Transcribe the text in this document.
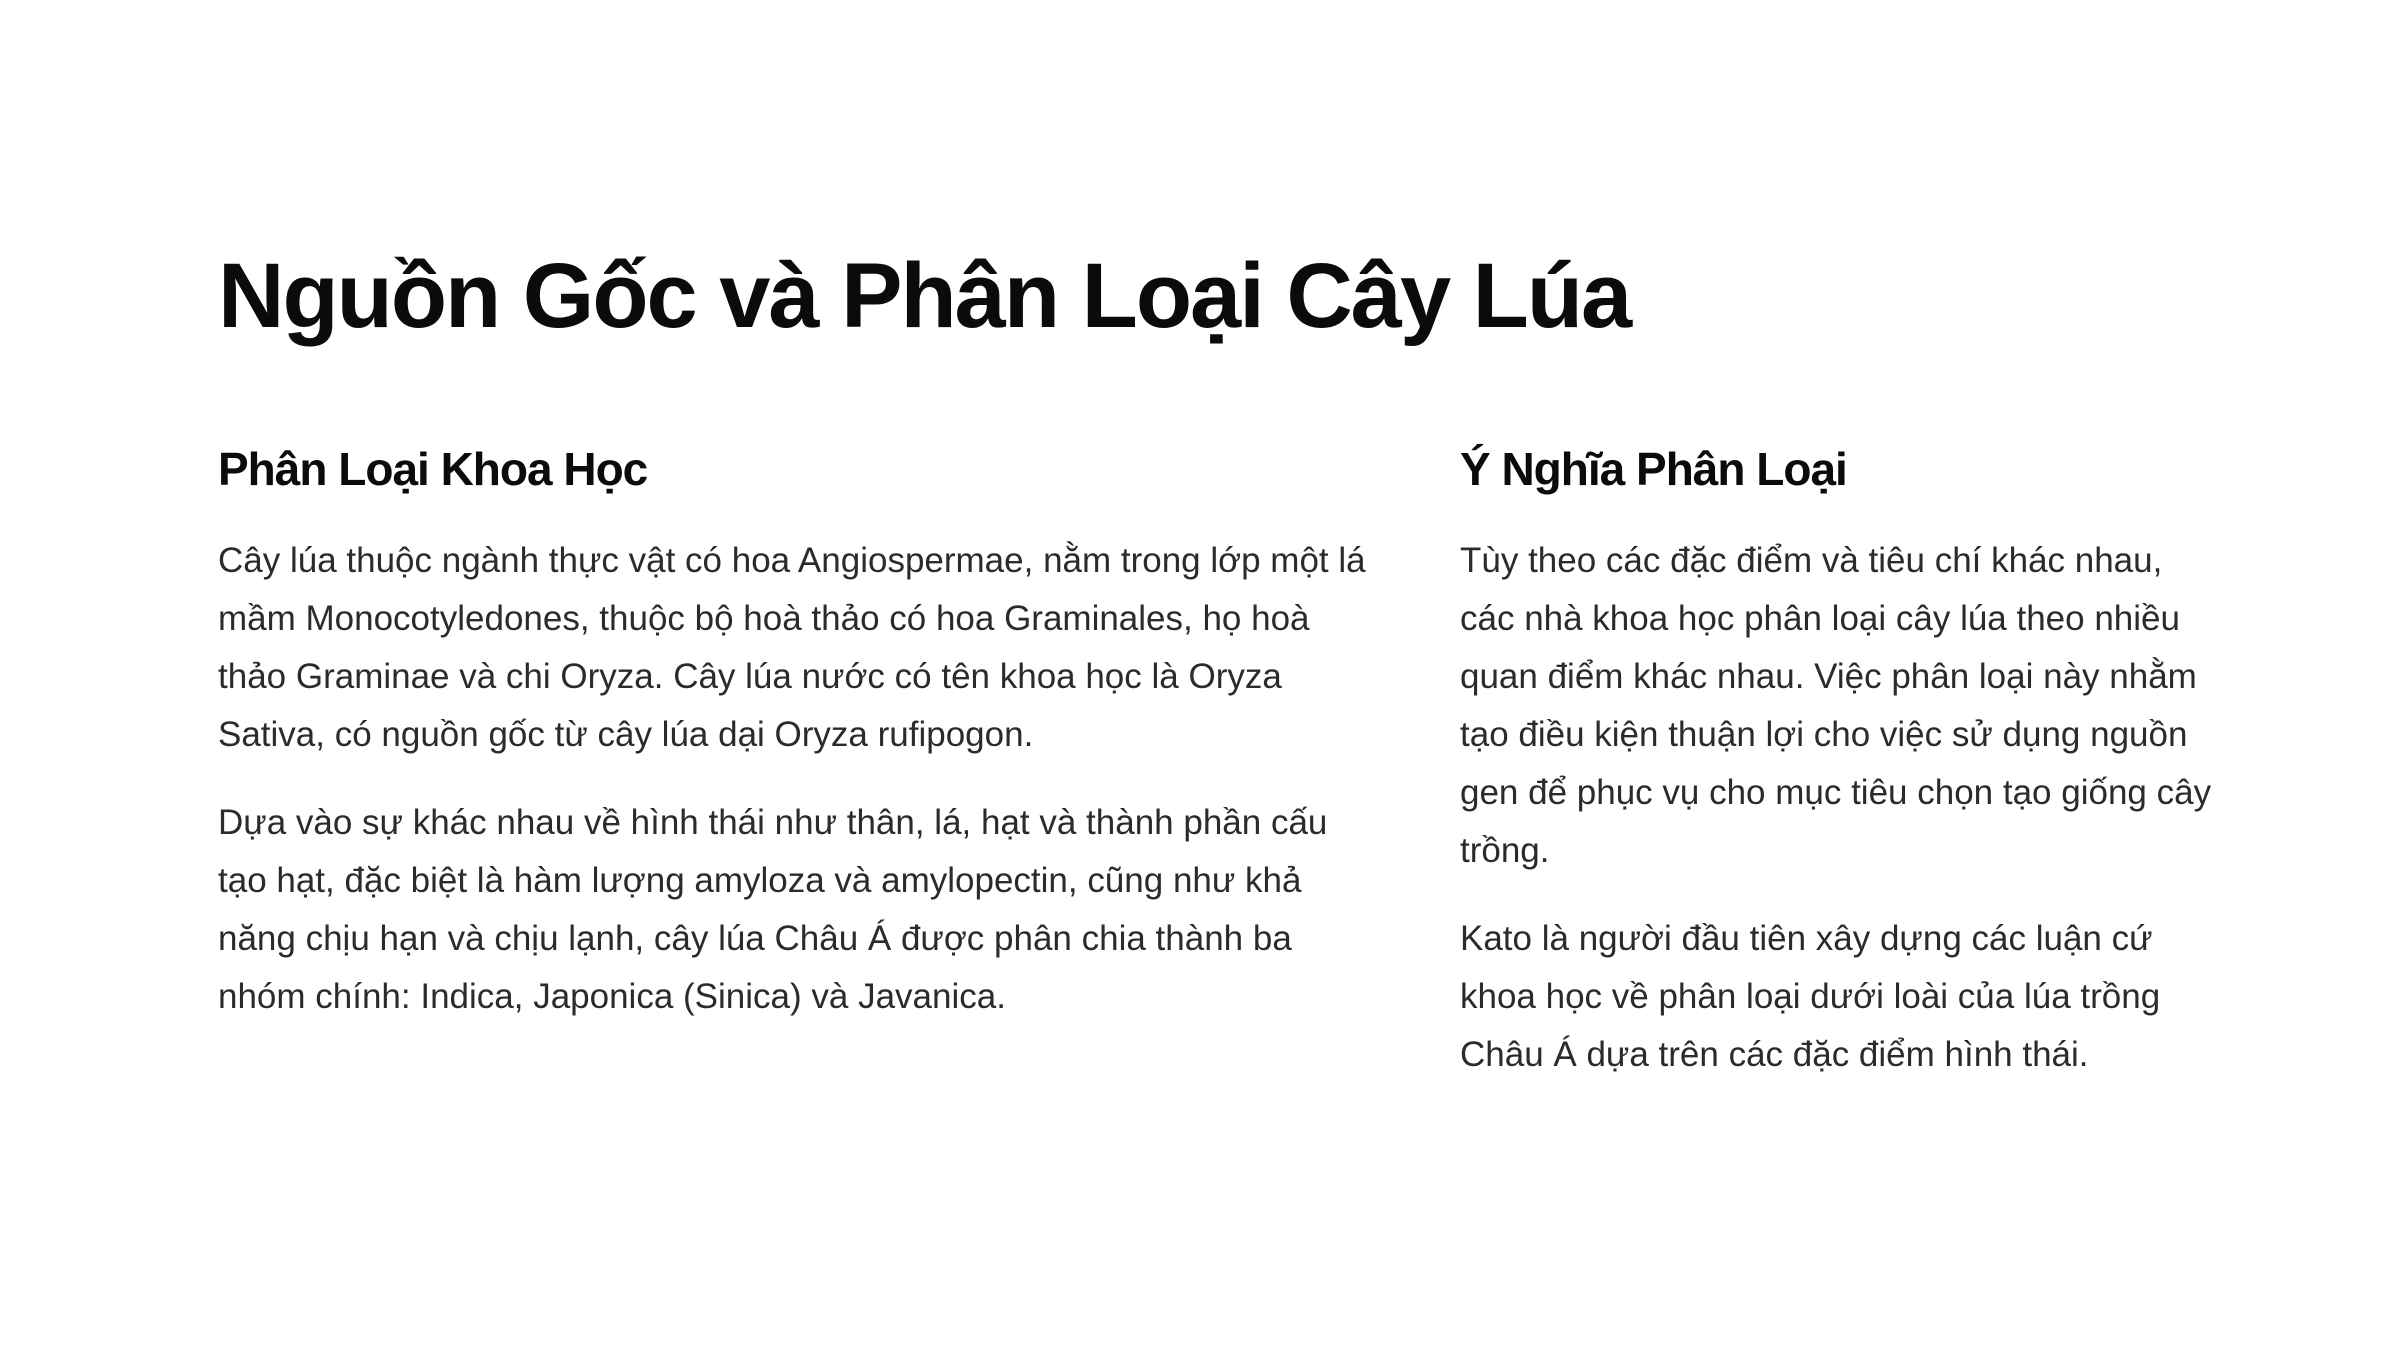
Nguồn Gốc và Phân Loại Cây Lúa
Phân Loại Khoa Học

Cây lúa thuộc ngành thực vật có hoa Angiospermae, nằm trong lớp một lá mầm Monocotyledones, thuộc bộ hoà thảo có hoa Graminales, họ hoà thảo Graminae và chi Oryza. Cây lúa nước có tên khoa học là Oryza Sativa, có nguồn gốc từ cây lúa dại Oryza rufipogon.

Dựa vào sự khác nhau về hình thái như thân, lá, hạt và thành phần cấu tạo hạt, đặc biệt là hàm lượng amyloza và amylopectin, cũng như khả năng chịu hạn và chịu lạnh, cây lúa Châu Á được phân chia thành ba nhóm chính: Indica, Japonica (Sinica) và Javanica.

Ý Nghĩa Phân Loại

Tùy theo các đặc điểm và tiêu chí khác nhau, các nhà khoa học phân loại cây lúa theo nhiều quan điểm khác nhau. Việc phân loại này nhằm tạo điều kiện thuận lợi cho việc sử dụng nguồn gen để phục vụ cho mục tiêu chọn tạo giống cây trồng.

Kato là người đầu tiên xây dựng các luận cứ khoa học về phân loại dưới loài của lúa trồng Châu Á dựa trên các đặc điểm hình thái.
